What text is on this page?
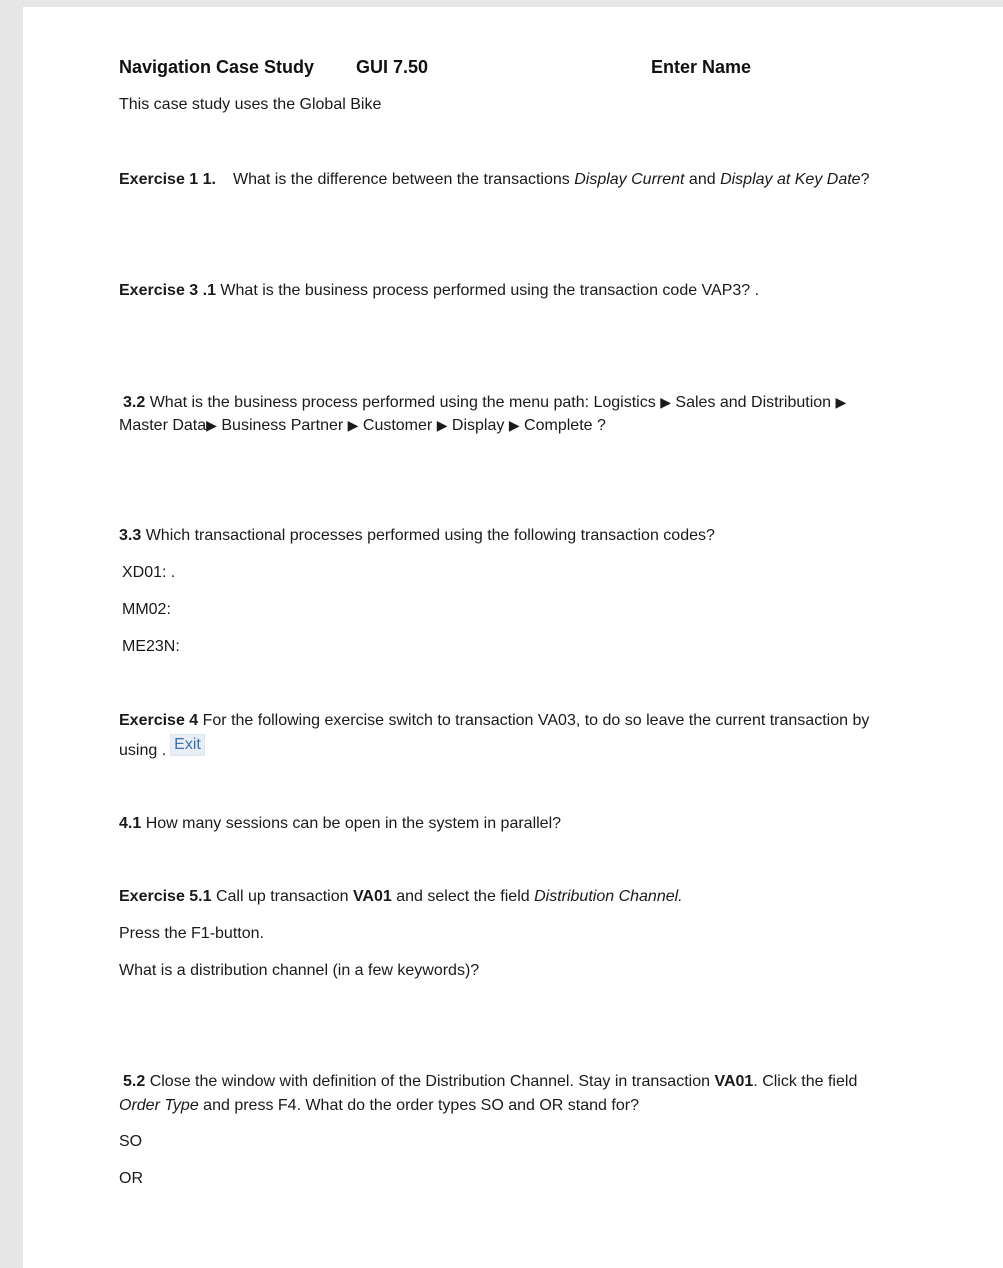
Navigation Case Study GUI 7.50	Enter Name
This case study uses the Global Bike
Exercise 1 1. What is the difference between the transactions Display Current and Display at Key Date?
Exercise 3 .1 What is the business process performed using the transaction code VAP3? .
3.2 What is the business process performed using the menu path: Logistics ▶ Sales and Distribution ▶
Master Data▶ Business Partner ▶ Customer ▶ Display ▶ Complete ?
3.3 Which transactional processes performed using the following transaction codes?
XD01: .
MM02:
ME23N:
Exercise 4 For the following exercise switch to transaction VA03, to do so leave the current transaction by
using . Exit
4.1 How many sessions can be open in the system in parallel?
Exercise 5.1 Call up transaction VA01 and select the field Distribution Channel.
Press the F1-button.
What is a distribution channel (in a few keywords)?
5.2 Close the window with definition of the Distribution Channel. Stay in transaction VA01. Click the field
Order Type and press F4. What do the order types SO and OR stand for?
SO
OR
